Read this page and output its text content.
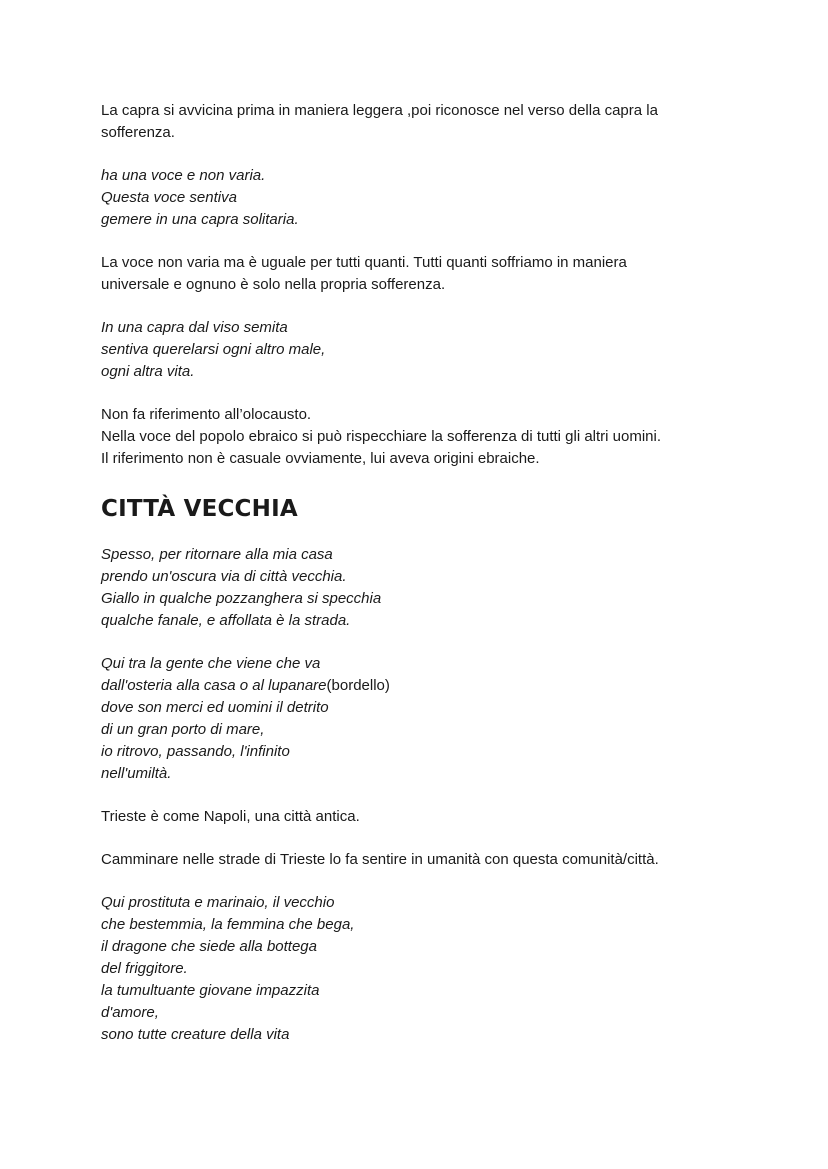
La capra si avvicina prima in maniera leggera ,poi riconosce nel verso della capra la
sofferenza.
ha una voce e non varia.
Questa voce sentiva
gemere in una capra solitaria.
La voce non varia ma è uguale per tutti quanti. Tutti quanti soffriamo in maniera
universale e ognuno è solo nella propria sofferenza.
In una capra dal viso semita
sentiva querelarsi ogni altro male,
ogni altra vita.
Non fa riferimento all’olocausto.
Nella voce del popolo ebraico si può rispecchiare la sofferenza di tutti gli altri uomini.
Il riferimento non è casuale ovviamente, lui aveva origini ebraiche.
CITTÀ VECCHIA
Spesso, per ritornare alla mia casa
prendo un'oscura via di città vecchia.
Giallo in qualche pozzanghera si specchia
qualche fanale, e affollata è la strada.
Qui tra la gente che viene che va
dall'osteria alla casa o al lupanare(bordello)
dove son merci ed uomini il detrito
di un gran porto di mare,
io ritrovo, passando, l'infinito
nell'umiltà.
Trieste è come Napoli, una città antica.
Camminare nelle strade di Trieste lo fa sentire in umanità con questa comunità/città.
Qui prostituta e marinaio, il vecchio
che bestemmia, la femmina che bega,
il dragone che siede alla bottega
del friggitore.
la tumultuante giovane impazzita
d'amore,
sono tutte creature della vita
